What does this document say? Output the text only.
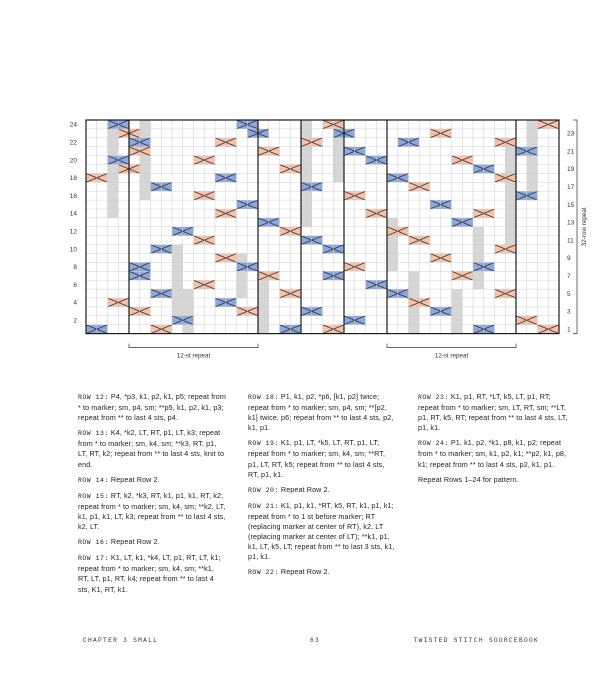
2
4
6
8
10
12
14
16
18
20
22
24
1
3
5
7
9
11
13
15
17
19
21
23
32-row repeat
12-st repeat	12-st repeat

ROW 12: P4, *p3, k1, p2, k1, p5; repeat from * to marker; sm, p4, sm; **p5, k1, p2, k1, p3; repeat from ** to last 4 sts, p4.

ROW 13: K4, *k2, LT, RT, p1, LT, k3; repeat from * to marker; sm, k4, sm; **k3, RT, p1, LT, RT, k2; repeat from ** to last 4 sts, knit to end.

ROW 14: Repeat Row 2.

ROW 15: RT, k2, *k3, RT, k1, p1, k1, RT, k2; repeat from * to marker; sm, k4, sm; **k2, LT, k1, p1, k1, LT, k3; repeat from ** to last 4 sts, k2, LT.

ROW 16: Repeat Row 2.

ROW 17: K1, LT, k1, *k4, LT, p1, RT, LT, k1; repeat from * to marker; sm, k4, sm; **k1, RT, LT, p1, RT, k4; repeat from ** to last 4 sts, K1, RT, k1.

ROW 18: P1, k1, p2, *p6, [k1, p2] twice; repeat from * to marker; sm, p4, sm; **[p2, k1] twice, p6; repeat from ** to last 4 sts, p2, k1, p1.

ROW 19: K1, p1, LT, *k5, LT, RT, p1, LT; repeat from * to marker; sm, k4, sm; **RT, p1, LT, RT, k5; repeat from ** to last 4 sts, RT, p1, k1.

ROW 20: Repeat Row 2.

ROW 21: K1, p1, k1, *RT, k5, RT, k1, p1, k1; repeat from * to 1 st before marker; RT (replacing marker at center of RT), k2, LT (replacing marker at center of LT); **k1, p1, k1, LT, k5, LT; repeat from ** to last 3 sts, k1, p1, k1.

ROW 22: Repeat Row 2.

ROW 23: K1, p1, RT, *LT, k5, LT, p1, RT; repeat from * to marker; sm, LT, RT, sm; **LT, p1, RT, k5, RT; repeat from ** to last 4 sts, LT, p1, k1.

ROW 24: P1, k1, p2, *k1, p8, k1, p2; repeat from * to marker; sm, k1, p2, k1; **p2, k1, p8, k1; repeat from ** to last 4 sts, p2, k1, p1.

Repeat Rows 1–24 for pattern.

CHAPTER 3 SMALL	63	TWISTED STITCH SOURCEBOOK
